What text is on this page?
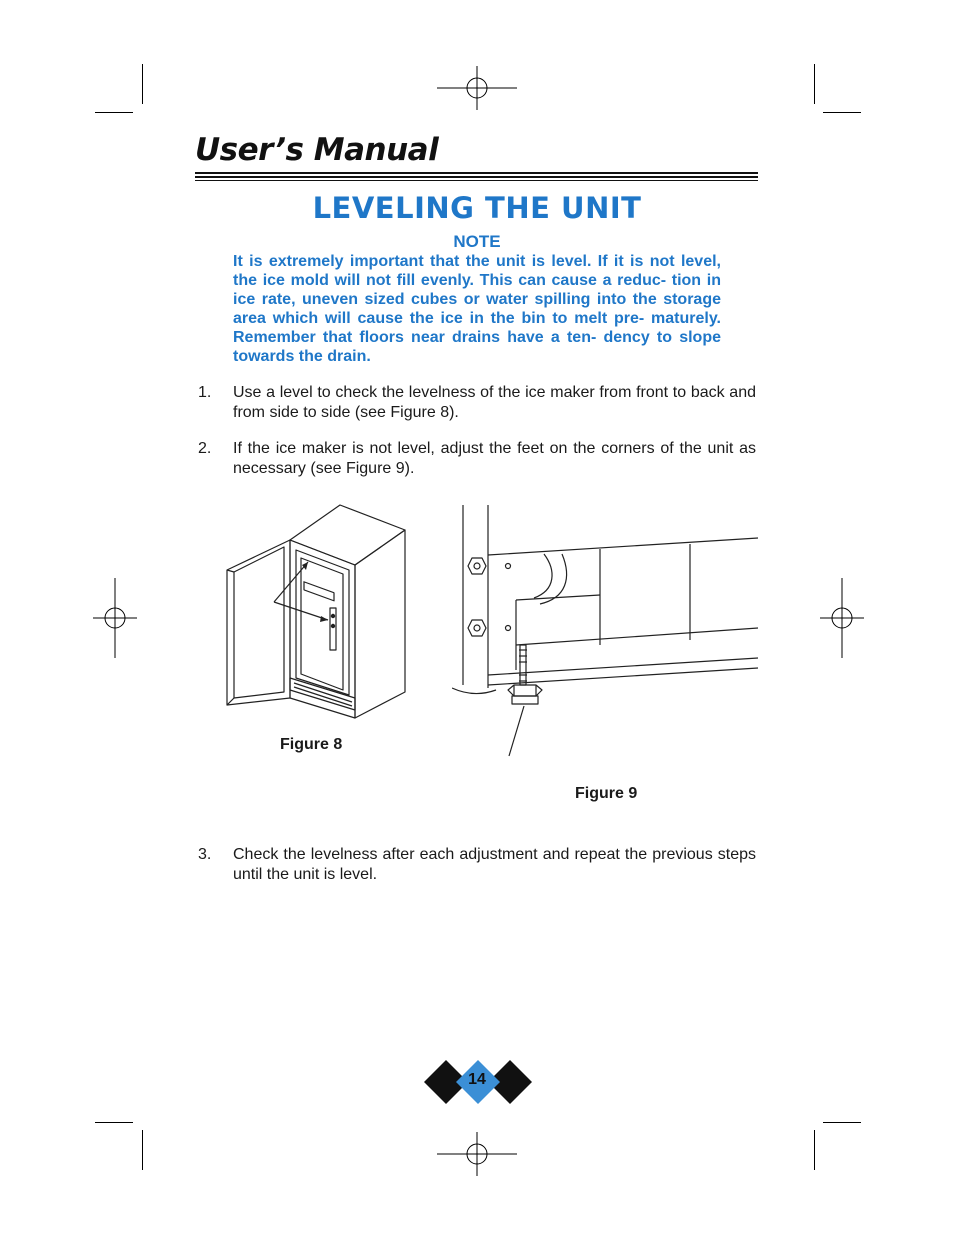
User’s Manual
LEVELING THE UNIT
NOTE
It is extremely important that the unit is level. If it is not level, the ice mold will not fill evenly. This can cause a reduc- tion in ice rate, uneven sized cubes or water spilling into the storage area which will cause the ice in the bin to melt pre- maturely. Remember that floors near drains have a ten- dency to slope towards the drain.
1. Use a level to check the levelness of the ice maker from front to back and from side to side (see Figure 8).
2. If the ice maker is not level, adjust the feet on the corners of the unit as necessary (see Figure 9).
Figure 8
Figure 9
3. Check the levelness after each adjustment and repeat the previous steps until the unit is level.
14
